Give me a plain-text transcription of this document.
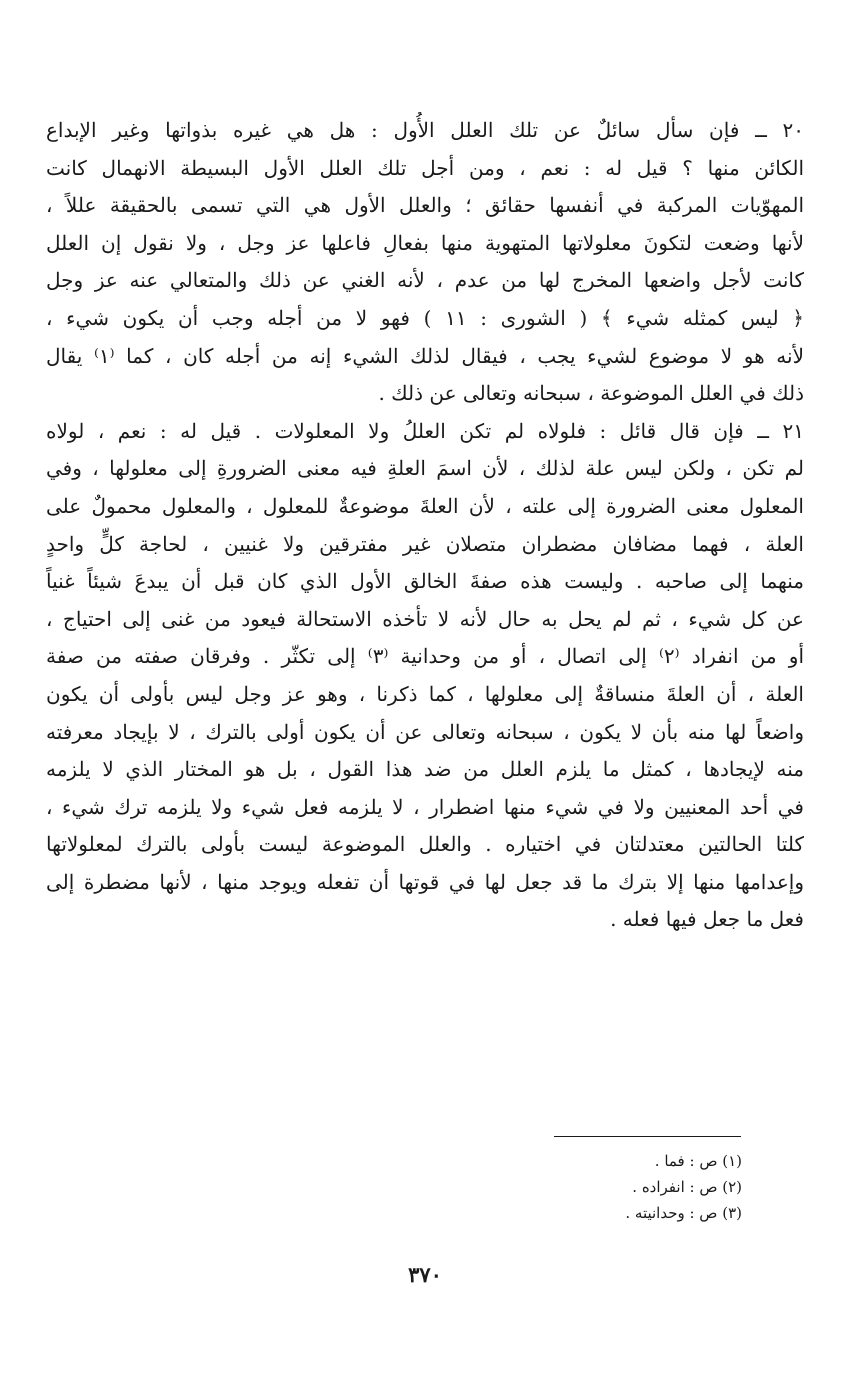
٢٠ ــ فإن سأل سائلٌ عن تلك العلل الأُول : هل هي غيره بذواتها وغير الإبداع
الكائن منها ؟ قيل له : نعم ، ومن أجل تلك العلل الأول البسيطة الانهمال كانت
المهوّيات المركبة في أنفسها حقائق ؛ والعلل الأول هي التي تسمى بالحقيقة عللاً ،
لأنها وضعت لتكونَ معلولاتها المتهوية منها بفعالِ فاعلها عز وجل ، ولا نقول إن العلل
كانت لأجل واضعها المخرج لها من عدم ، لأنه الغني عن ذلك والمتعالي عنه عز وجل
﴿ ليس كمثله شيء ﴾ ( الشورى : ١١ ) فهو لا من أجله وجب أن يكون شيء ،
لأنه هو لا موضوع لشيء يجب ، فيقال لذلك الشيء إنه من أجله كان ، كما ⁽١⁾ يقال
ذلك في العلل الموضوعة ، سبحانه وتعالى عن ذلك .
٢١ ــ فإن قال قائل : فلولاه لم تكن العللُ ولا المعلولات . قيل له : نعم ، لولاه
لم تكن ، ولكن ليس علة لذلك ، لأن اسمَ العلةِ فيه معنى الضرورةِ إلى معلولها ، وفي
المعلول معنى الضرورة إلى علته ، لأن العلةَ موضوعةٌ للمعلول ، والمعلول محمولٌ على
العلة ، فهما مضافان مضطران متصلان غير مفترقين ولا غنيين ، لحاجة كلٍّ واحدٍ
منهما إلى صاحبه . وليست هذه صفةَ الخالق الأول الذي كان قبل أن يبدعَ شيئاً غنياً
عن كل شيء ، ثم لم يحل به حال لأنه لا تأخذه الاستحالة فيعود من غنى إلى احتياج ،
أو من انفراد ⁽٢⁾ إلى اتصال ، أو من وحدانية ⁽٣⁾ إلى تكثّر . وفرقان صفته من صفة
العلة ، أن العلةَ منساقةٌ إلى معلولها ، كما ذكرنا ، وهو عز وجل ليس بأولى أن يكون
واضعاً لها منه بأن لا يكون ، سبحانه وتعالى عن أن يكون أولى بالترك ، لا بإيجاد معرفته
منه لإيجادها ، كمثل ما يلزم العلل من ضد هذا القول ، بل هو المختار الذي لا يلزمه
في أحد المعنيين ولا في شيء منها اضطرار ، لا يلزمه فعل شيء ولا يلزمه ترك شيء ،
كلتا الحالتين معتدلتان في اختياره . والعلل الموضوعة ليست بأولى بالترك لمعلولاتها
وإعدامها منها إلا بترك ما قد جعل لها في قوتها أن تفعله ويوجد منها ، لأنها مضطرة إلى
فعل ما جعل فيها فعله .
(١) ص : فما .
(٢) ص : انفراده .
(٣) ص : وحدانيته .
٣٧٠
